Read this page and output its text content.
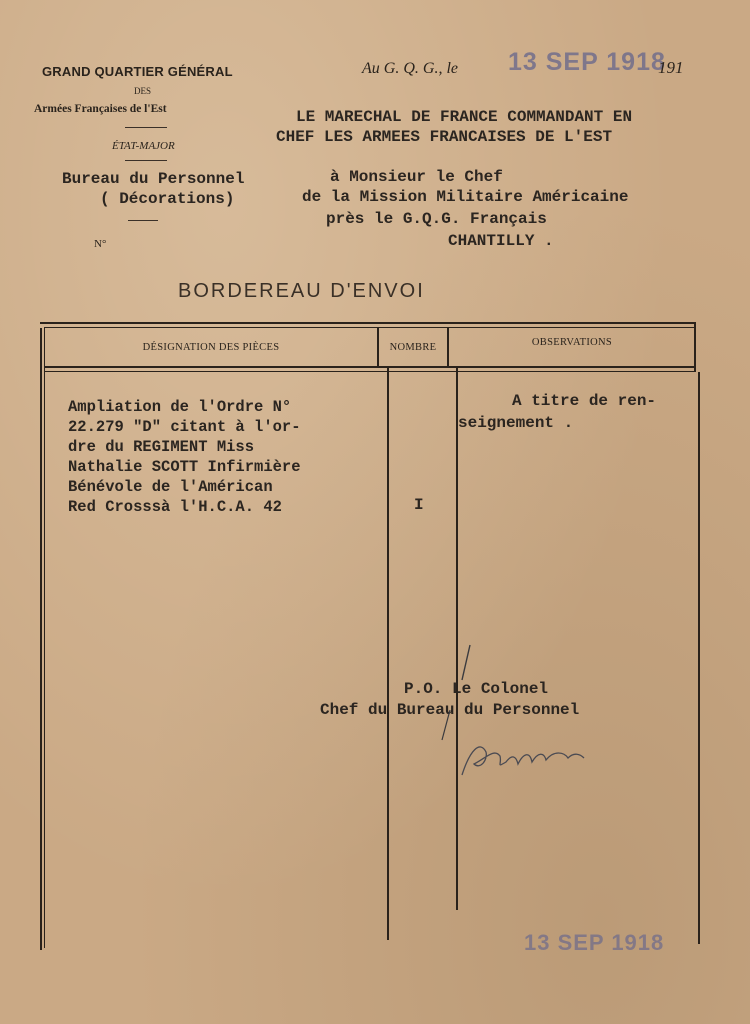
GRAND QUARTIER GÉNÉRAL
DES
Armées Françaises de l'Est
ÉTAT-MAJOR
Au G. Q. G., le 13 SEP 1918
191
LE MARECHAL DE FRANCE COMMANDANT EN
CHEF LES ARMEES FRANCAISES DE L'EST
Bureau du Personnel
( Décorations)
N°
à Monsieur le Chef
de la Mission Militaire Américaine
près le G.Q.G. Français
CHANTILLY .
BORDEREAU D'ENVOI
DÉSIGNATION DES PIÈCES	NOMBRE	OBSERVATIONS
Ampliation de l'Ordre N°
22.279 "D" citant à l'or-
dre du REGIMENT Miss
Nathalie SCOTT Infirmière
Bénévole de l'Américan
Red Crosssà l'H.C.A. 42	I
A titre de ren-
seignement .
P.O. Le Colonel
Chef du Bureau du Personnel
13 SEP 1918
